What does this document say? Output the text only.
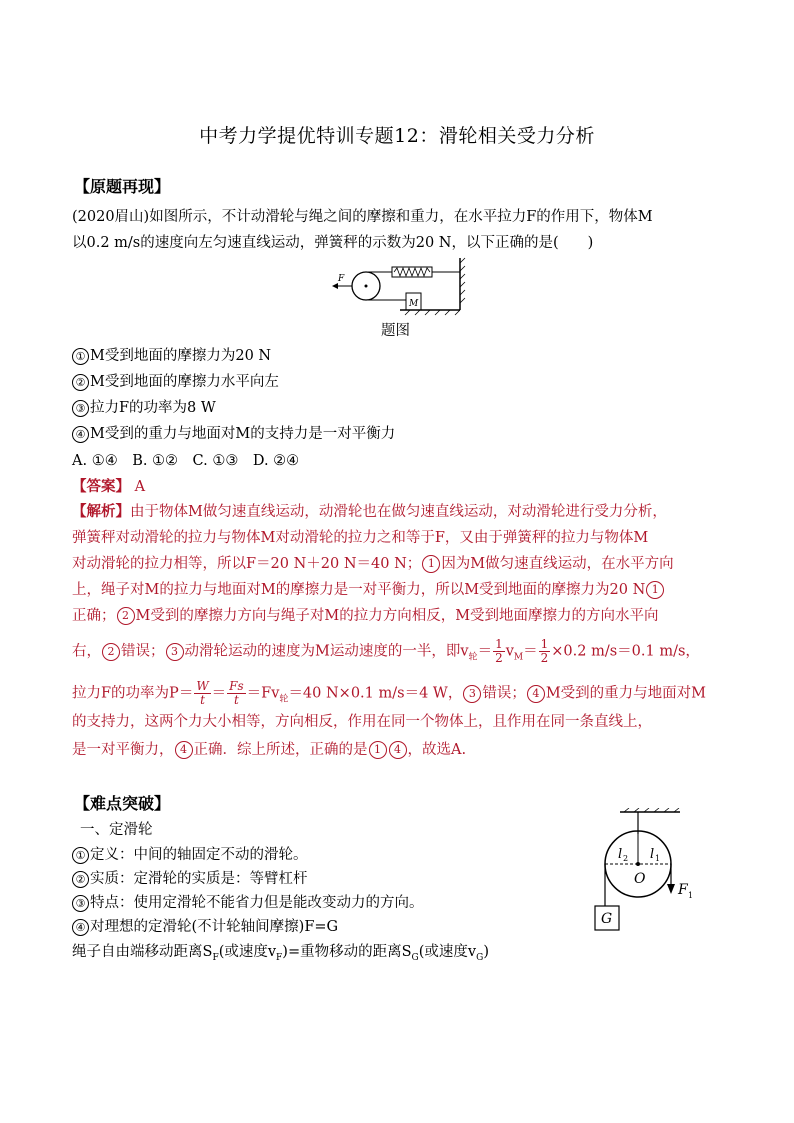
中考力学提优特训专题12：滑轮相关受力分析
【原题再现】
(2020眉山)如图所示，不计动滑轮与绳之间的摩擦和重力，在水平拉力F的作用下，物体M
以0.2 m/s的速度向左匀速直线运动，弹簧秤的示数为20 N，以下正确的是(　　)
M
F
题图
① M受到地面的摩擦力为20 N
② M受到地面的摩擦力水平向左
③ 拉力F的功率为8 W
④ M受到的重力与地面对M的支持力是一对平衡力
A. ①④　B. ①②　C. ①③　D. ②④
【答案】 A
【解析】由于物体M做匀速直线运动，动滑轮也在做匀速直线运动，对动滑轮进行受力分析，
弹簧秤对动滑轮的拉力与物体M对动滑轮的拉力之和等于F，又由于弹簧秤的拉力与物体M
对动滑轮的拉力相等，所以F＝20 N＋20 N＝40 N； 1 因为M做匀速直线运动，在水平方向
上，绳子对M的拉力与地面对M的摩擦力是一对平衡力，所以M受到地面的摩擦力为20 N 1
正确； 2 M受到的摩擦力方向与绳子对M的拉力方向相反，M受到地面摩擦力的方向水平向
右， 2 错误； 3 动滑轮运动的速度为M运动速度的一半，即$v_轮= \frac{1}{2} v_M= \frac{1}{2} \times 0.2$ m/s＝0.1 m/s，
拉力F的功率为$P= \frac{W}{t} = \frac{Fs}{t} =Fv_轮=40$ N×0.1 m/s＝4 W， 3 错误； 4 M受到的重力与地面对M
的支持力，这两个力大小相等，方向相反，作用在同一个物体上，且作用在同一条直线上，
是一对平衡力， 4 正确．综上所述，正确的是 1 4 ，故选A.
【难点突破】
一、定滑轮
① 定义：中间的轴固定不动的滑轮。
② 实质：定滑轮的实质是：等臂杠杆
③ 特点：使用定滑轮不能省力但是能改变动力的方向。
④ 对理想的定滑轮(不计轮轴间摩擦)F=G
绳子自由端移动距离$S_F$(或速度$v_F)=$重物移动的距离$S_G$(或速度$v_G$)
G
O
F 1
l 2 l 1
